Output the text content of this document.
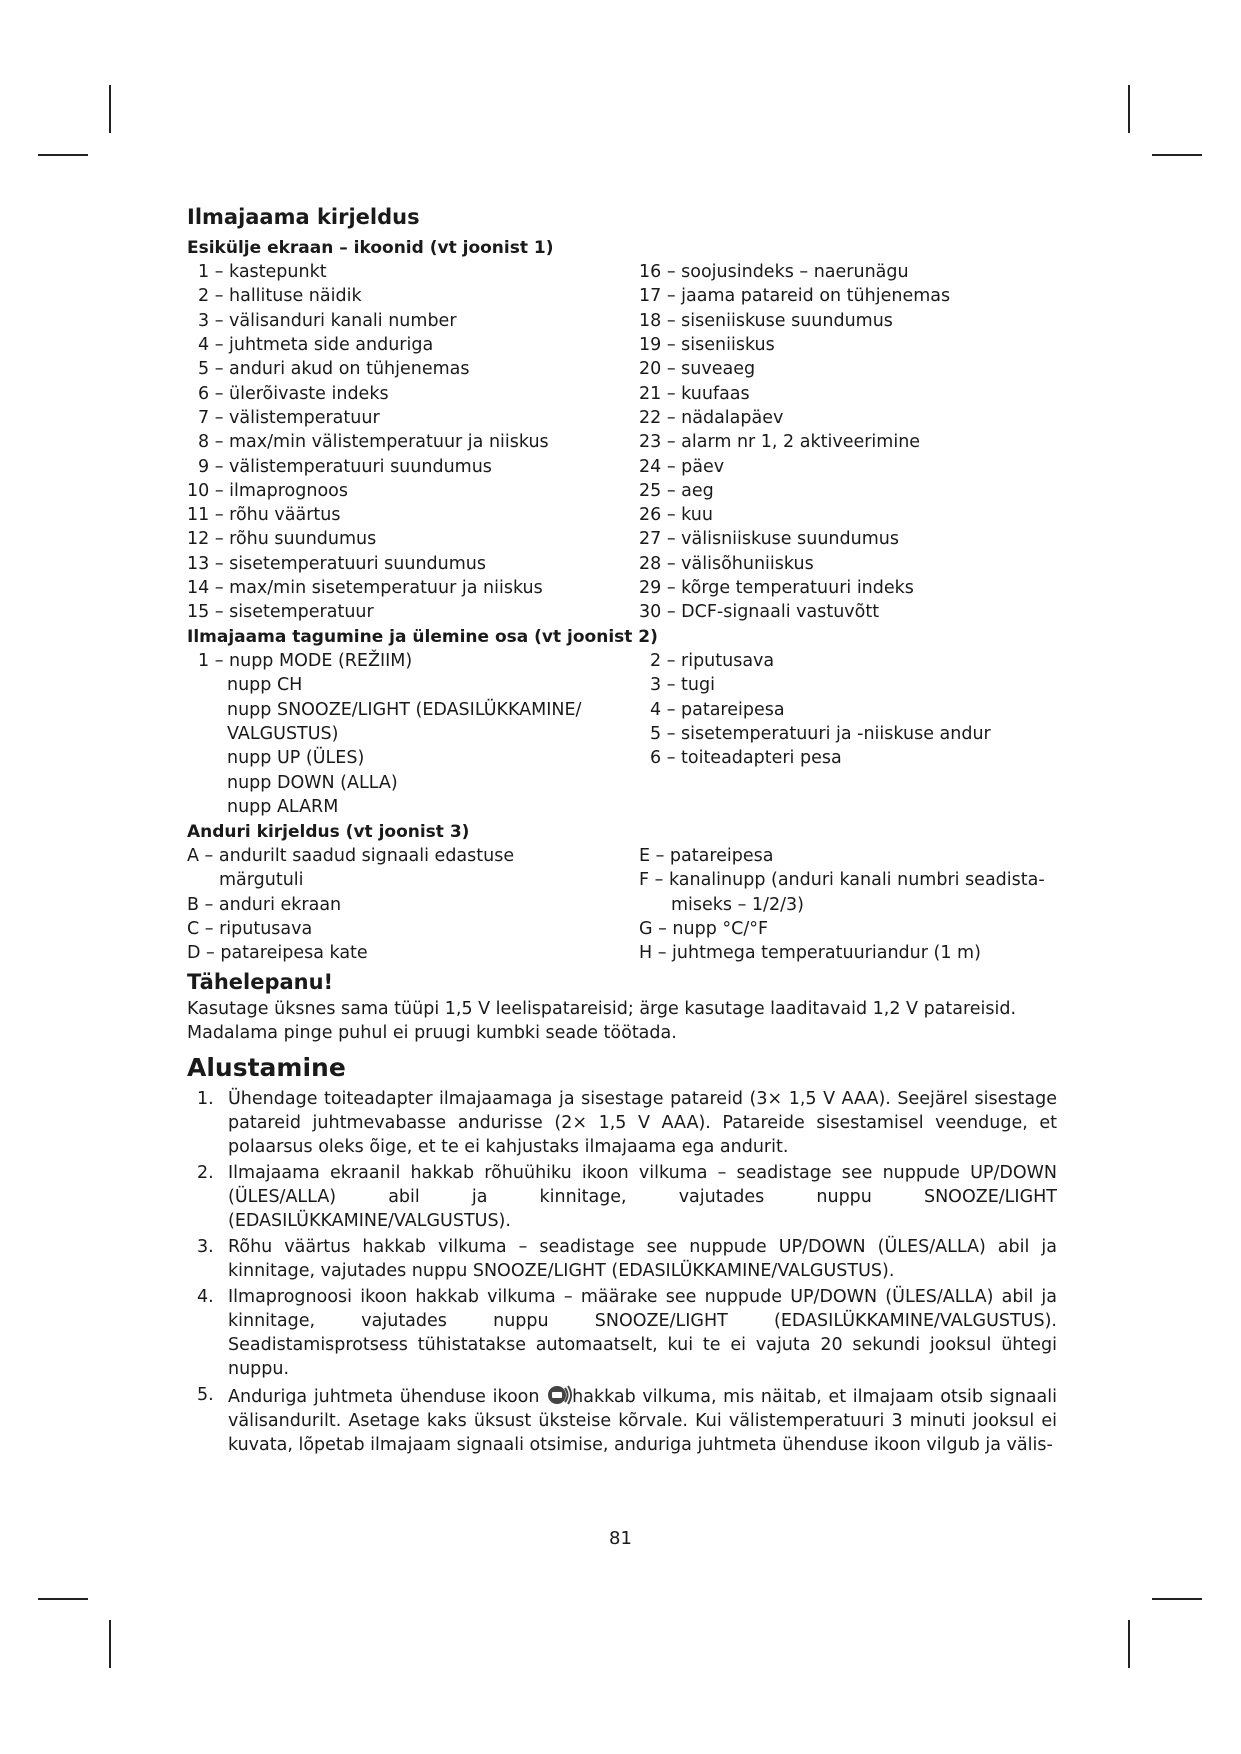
Ilmajaama kirjeldus
Esikülje ekraan – ikoonid (vt joonist 1)
1 – kastepunkt
2 – hallituse näidik
3 – välisanduri kanali number
4 – juhtmeta side anduriga
5 – anduri akud on tühjenemas
6 – ülerõivaste indeks
7 – välistemperatuur
8 – max/min välistemperatuur ja niiskus
9 – välistemperatuuri suundumus
10 – ilmaprognoos
11 – rõhu väärtus
12 – rõhu suundumus
13 – sisetemperatuuri suundumus
14 – max/min sisetemperatuur ja niiskus
15 – sisetemperatuur
16 – soojusindeks – naerunägu
17 – jaama patareid on tühjenemas
18 – siseniiskuse suundumus
19 – siseniiskus
20 – suveaeg
21 – kuufaas
22 – nädalapäev
23 – alarm nr 1, 2 aktiveerimine
24 – päev
25 – aeg
26 – kuu
27 – välisniiskuse suundumus
28 – välisõhuniiskus
29 – kõrge temperatuuri indeks
30 – DCF-signaali vastuvõtt
Ilmajaama tagumine ja ülemine osa (vt joonist 2)
1 – nupp MODE (REŽIIM)
nupp CH
nupp SNOOZE/LIGHT (EDASILÜKKAMINE/
VALGUSTUS)
nupp UP (ÜLES)
nupp DOWN (ALLA)
nupp ALARM
2 – riputusava
3 – tugi
4 – patareipesa
5 – sisetemperatuuri ja -niiskuse andur
6 – toiteadapteri pesa
Anduri kirjeldus (vt joonist 3)
A – andurilt saadud signaali edastuse
märgutuli
B – anduri ekraan
C – riputusava
D – patareipesa kate
E – patareipesa
F – kanalinupp (anduri kanali numbri seadista-
miseks – 1/2/3)
G – nupp °C/°F
H – juhtmega temperatuuriandur (1 m)
Tähelepanu!

Kasutage üksnes sama tüüpi 1,5 V leelispatareisid; ärge kasutage laaditavaid 1,2 V patareisid.

Madalama pinge puhul ei pruugi kumbki seade töötada.

Alustamine
1. Ühendage toiteadapter ilmajaamaga ja sisestage patareid (3× 1,5 V AAA). Seejärel sisestage patareid juhtmevabasse andurisse (2× 1,5 V AAA). Patareide sisestamisel veenduge, et polaarsus oleks õige, et te ei kahjustaks ilmajaama ega andurit.
2. Ilmajaama ekraanil hakkab rõhuühiku ikoon vilkuma – seadistage see nuppude UP/DOWN (ÜLES/ALLA) abil ja kinnitage, vajutades nuppu SNOOZE/LIGHT (EDASILÜKKAMINE/VALGUSTUS).
3. Rõhu väärtus hakkab vilkuma – seadistage see nuppude UP/DOWN (ÜLES/ALLA) abil ja kinnitage, vajutades nuppu SNOOZE/LIGHT (EDASILÜKKAMINE/VALGUSTUS).
4. Ilmaprognoosi ikoon hakkab vilkuma – määrake see nuppude UP/DOWN (ÜLES/ALLA) abil ja kinnitage, vajutades nuppu SNOOZE/LIGHT (EDASILÜKKAMINE/VALGUSTUS). Seadistamisprotsess tühistatakse automaatselt, kui te ei vajuta 20 sekundi jooksul ühtegi nuppu.
5. Anduriga juhtmeta ühenduse ikoon hakkab vilkuma, mis näitab, et ilmajaam otsib signaali välisandurilt. Asetage kaks üksust üksteise kõrvale. Kui välistemperatuuri 3 minuti jooksul ei kuvata, lõpetab ilmajaam signaali otsimise, anduriga juhtmeta ühenduse ikoon vilgub ja välis-
81
